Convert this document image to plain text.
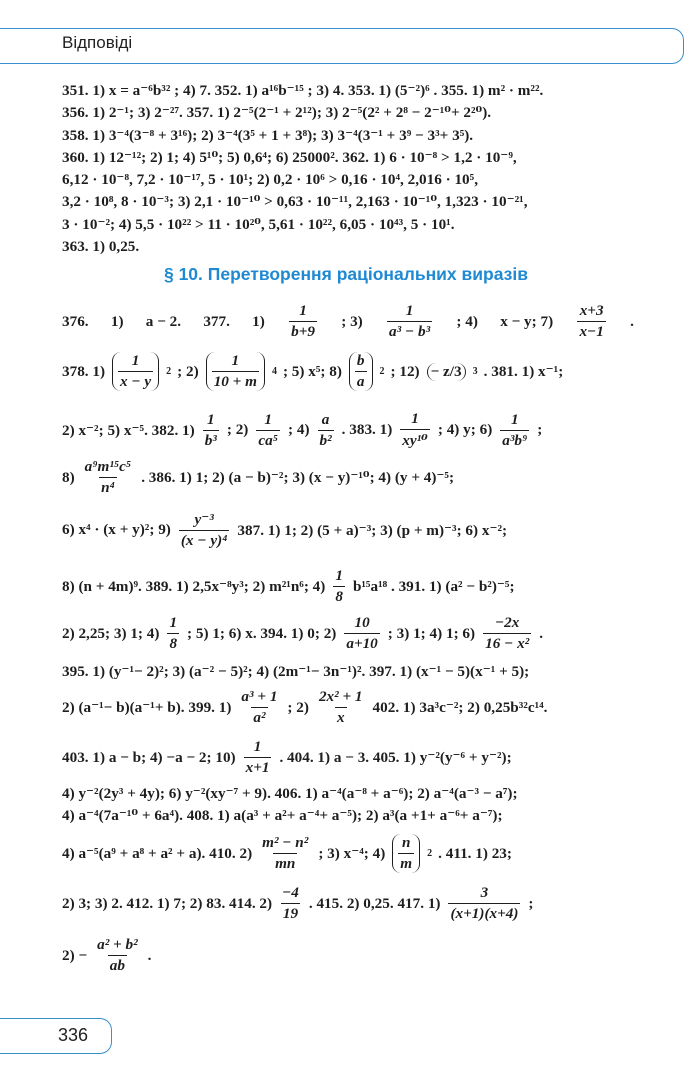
Відповіді

351. 1) x = a⁻⁶b³² ; 4) 7. 352. 1) a¹⁶b⁻¹⁵ ; 3) 4. 353. 1) (5⁻²)⁶ . 355. 1) m² · m²².

356. 1) 2⁻¹; 3) 2⁻²⁷. 357. 1) 2⁻⁵(2⁻¹ + 2¹²); 3) 2⁻⁵(2² + 2⁸ − 2⁻¹⁰+ 2²⁰).

358. 1) 3⁻⁴(3⁻⁸ + 3¹⁶); 2) 3⁻⁴(3⁵ + 1 + 3⁸); 3) 3⁻⁴(3⁻¹ + 3⁹ − 3³+ 3⁵).

360. 1) 12⁻¹²; 2) 1; 4) 5¹⁰; 5) 0,6⁴; 6) 25000². 362. 1) 6 · 10⁻⁸ > 1,2 · 10⁻⁹,

6,12 · 10⁻⁸, 7,2 · 10⁻¹⁷, 5 · 10¹; 2) 0,2 · 10⁶ > 0,16 · 10⁴, 2,016 · 10⁵,

3,2 · 10⁸, 8 · 10⁻³; 3) 2,1 · 10⁻¹⁰ > 0,63 · 10⁻¹¹, 2,163 · 10⁻¹⁰, 1,323 · 10⁻²¹,

3 · 10⁻²; 4) 5,5 · 10²² > 11 · 10²⁰, 5,61 · 10²², 6,05 · 10⁴³, 5 · 10¹.

363. 1) 0,25.

§ 10. Перетворення раціональних виразів
376. 1) a − 2. 377. $1) \frac{1}{b+9}$ ; $3) \frac{1}{\text{a³ − b³}}$ ; 4) x − y; $7) \frac{x+3}{x-1}$ .
378. $1) \frac{1}{x - y} 2$ ; $2) \frac{1}{10 + m} 4$ ; 5) x⁵; $8) \frac{b}{a} 2$ ; 12) − z/3 3 . 381. 1) x⁻¹;
2) x⁻²; 5) x⁻⁵. 382. $1) \frac{1}{\text{b³}}$ ; $2) \frac{1}{\text{ca⁵}}$ ; $4) \frac{a}{\text{b²}}$ . 383. $1) \frac{1}{\text{xy¹⁰}}$ ; 4) y; $6) \frac{1}{\text{a³b⁹}}$ ;
$8) \frac{\text{a⁹m¹⁵c⁵}}{\text{n⁴}}$ . 386. 1) 1; 2) (a − b)⁻²; 3) (x − y)⁻¹⁰; 4) (y + 4)⁻⁵;
6) x⁴ · (x + y)²; $9) \frac{\text{y⁻³}}{\text{(x − y)⁴}} 387$. 1) 1; 2) (5 + a)⁻³; 3) (p + m)⁻³; 6) x⁻²;
8) (n + 4m)⁹. 389. 1) 2,5x⁻⁸y³; 2) m²¹n⁶; $4) \frac{1}{8} b^{15}a^{18}$ . 391. 1) (a² − b²)⁻⁵;
2) 2,25; 3) 1; $4) \frac{1}{8}$ ; 5) 1; 6) x. 394. 1) 0; $2) \frac{10}{a+10}$ ; 3) 1; 4) 1; $6) \frac{-2x}{\text{16 − x²}}$ .
395. 1) (y⁻¹− 2)²; 3) (a⁻² − 5)²; 4) (2m⁻¹− 3n⁻¹)². 397. 1) (x⁻¹ − 5)(x⁻¹ + 5);
2) (a⁻¹− b)(a⁻¹+ b). 399. $1) \frac{\text{a³ + 1}}{\text{a²}}$ ; $2) \frac{\text{2x² + 1}}{x} 402$. 1) 3a³c⁻²; 2) 0,25b³²c¹⁴.
403. 1) a − b; 4) −a − 2; $10) \frac{1}{x+1}$ . 404. 1) a − 3. 405. 1) y⁻²(y⁻⁶ + y⁻²);
4) y⁻²(2y³ + 4y); 6) y⁻²(xy⁻⁷ + 9). 406. 1) a⁻⁴(a⁻⁸ + a⁻⁶); 2) a⁻⁴(a⁻³ − a⁷);
4) a⁻⁴(7a⁻¹⁰ + 6a⁴). 408. 1) a(a³ + a²+ a⁻⁴+ a⁻⁵); 2) a³(a +1+ a⁻⁶+ a⁻⁷);
4) a⁻⁵(a⁹ + a⁸ + a² + a). 410. $2) \frac{\text{m² − n²}}{mn}$ ; 3) x⁻⁴; $4) \frac{n}{m} 2$ . 411. 1) 23;
2) 3; 3) 2. 412. 1) 7; 2) 83. 414. $2) \frac{-4}{19}$ . 415. 2) 0,25. 417. $1) \frac{3}{(x+1)(x+4)}$ ;
$2) - \frac{\text{a² + b²}}{ab}$ .
336
